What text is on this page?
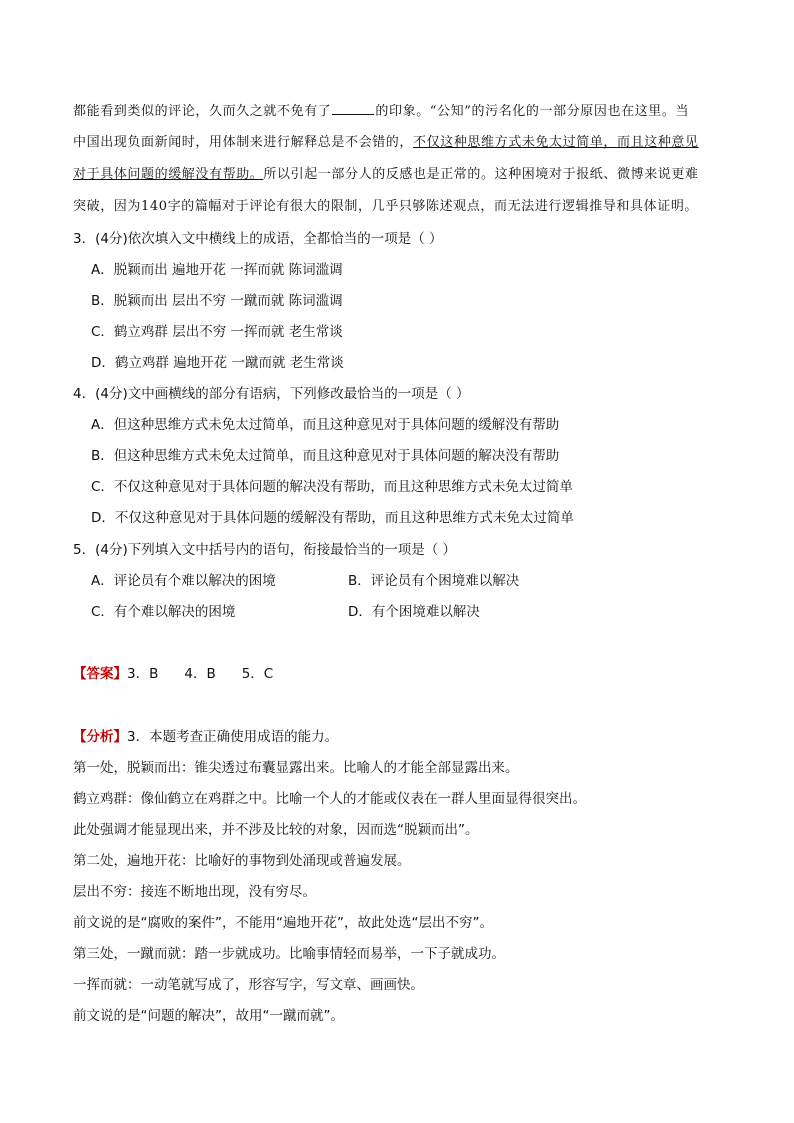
都能看到类似的评论，久而久之就不免有了	的印象。“公知”的污名化的一部分原因也在这里。当
中国出现负面新闻时，用体制来进行解释总是不会错的，不仅这种思维方式未免太过简单，而且这种意见
对于具体问题的缓解没有帮助。所以引起一部分人的反感也是正常的。这种困境对于报纸、微博来说更难
突破，因为140字的篇幅对于评论有很大的限制，几乎只够陈述观点，而无法进行逻辑推导和具体证明。
3．(4分)依次填入文中横线上的成语，全都恰当的一项是（ ）
A．脱颖而出 遍地开花 一挥而就 陈词滥调
B．脱颖而出 层出不穷 一蹴而就 陈词滥调
C．鹤立鸡群 层出不穷 一挥而就 老生常谈
D．鹤立鸡群 遍地开花 一蹴而就 老生常谈
4．(4分)文中画横线的部分有语病，下列修改最恰当的一项是（ ）
A．但这种思维方式未免太过简单，而且这种意见对于具体问题的缓解没有帮助
B．但这种思维方式未免太过简单，而且这种意见对于具体问题的解决没有帮助
C．不仅这种意见对于具体问题的解决没有帮助，而且这种思维方式未免太过简单
D．不仅这种意见对于具体问题的缓解没有帮助，而且这种思维方式未免太过简单
5．(4分)下列填入文中括号内的语句，衔接最恰当的一项是（ ）
A．评论员有个难以解决的困境	B．评论员有个困境难以解决
C．有个难以解决的困境	D．有个困境难以解决
【答案】3．B 4．B 5．C
【分析】3．本题考查正确使用成语的能力。
第一处，脱颖而出：锥尖透过布囊显露出来。比喻人的才能全部显露出来。
鹤立鸡群：像仙鹤立在鸡群之中。比喻一个人的才能或仪表在一群人里面显得很突出。
此处强调才能显现出来，并不涉及比较的对象，因而选“脱颖而出”。
第二处，遍地开花：比喻好的事物到处涌现或普遍发展。
层出不穷：接连不断地出现，没有穷尽。
前文说的是“腐败的案件”，不能用“遍地开花”，故此处选“层出不穷”。
第三处，一蹴而就：踏一步就成功。比喻事情轻而易举，一下子就成功。
一挥而就：一动笔就写成了，形容写字，写文章、画画快。
前文说的是“问题的解决”，故用“一蹴而就”。
